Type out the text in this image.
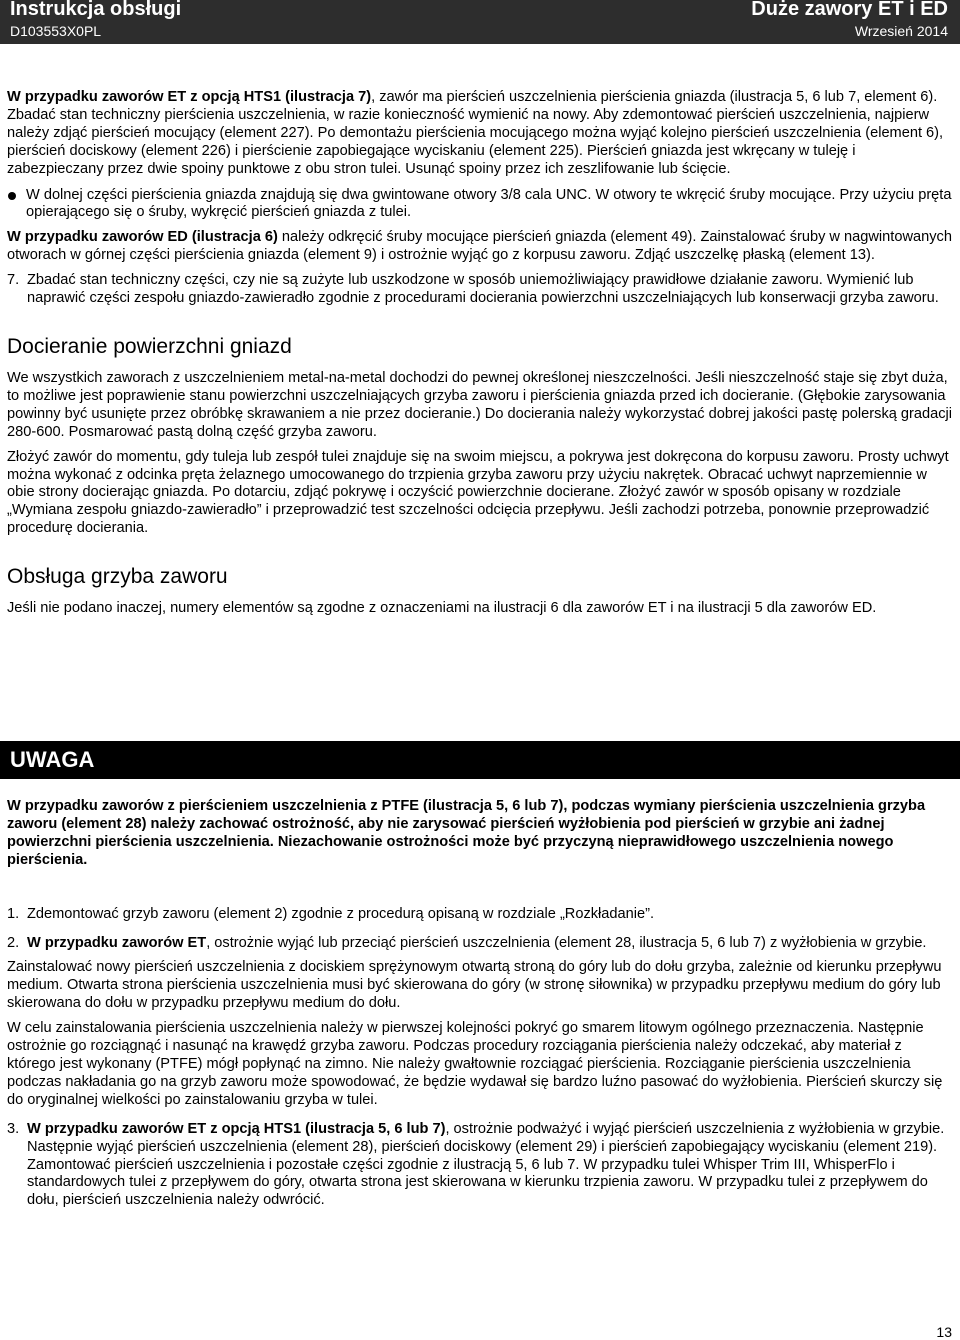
Instrukcja obsługi
D103553X0PL
Duże zawory ET i ED
Wrzesień 2014

W przypadku zaworów ET z opcją HTS1 (ilustracja 7), zawór ma pierścień uszczelnienia pierścienia gniazda (ilustracja 5, 6 lub 7, element 6). Zbadać stan techniczny pierścienia uszczelnienia, w razie konieczność wymienić na nowy. Aby zdemontować pierścień uszczelnienia, najpierw należy zdjąć pierścień mocujący (element 227). Po demontażu pierścienia mocującego można wyjąć kolejno pierścień uszczelnienia (element 6), pierścień dociskowy (element 226) i pierścienie zapobiegające wyciskaniu (element 225). Pierścień gniazda jest wkręcany w tuleję i zabezpieczany przez dwie spoiny punktowe z obu stron tulei. Usunąć spoiny przez ich zeszlifowanie lub ścięcie.

W dolnej części pierścienia gniazda znajdują się dwa gwintowane otwory 3/8 cala UNC. W otwory te wkręcić śruby mocujące. Przy użyciu pręta opierającego się o śruby, wykręcić pierścień gniazda z tulei.

W przypadku zaworów ED (ilustracja 6) należy odkręcić śruby mocujące pierścień gniazda (element 49). Zainstalować śruby w nagwintowanych otworach w górnej części pierścienia gniazda (element 9) i ostrożnie wyjąć go z korpusu zaworu. Zdjąć uszczelkę płaską (element 13).

7. Zbadać stan techniczny części, czy nie są zużyte lub uszkodzone w sposób uniemożliwiający prawidłowe działanie zaworu. Wymienić lub naprawić części zespołu gniazdo-zawieradło zgodnie z procedurami docierania powierzchni uszczelniających lub konserwacji grzyba zaworu.
Docieranie powierzchni gniazd

We wszystkich zaworach z uszczelnieniem metal-na-metal dochodzi do pewnej określonej nieszczelności. Jeśli nieszczelność staje się zbyt duża, to możliwe jest poprawienie stanu powierzchni uszczelniających grzyba zaworu i pierścienia gniazda przed ich docieranie. (Głębokie zarysowania powinny być usunięte przez obróbkę skrawaniem a nie przez docieranie.) Do docierania należy wykorzystać dobrej jakości pastę polerską gradacji 280-600. Posmarować pastą dolną część grzyba zaworu.

Złożyć zawór do momentu, gdy tuleja lub zespół tulei znajduje się na swoim miejscu, a pokrywa jest dokręcona do korpusu zaworu. Prosty uchwyt można wykonać z odcinka pręta żelaznego umocowanego do trzpienia grzyba zaworu przy użyciu nakrętek. Obracać uchwyt naprzemiennie w obie strony docierając gniazda. Po dotarciu, zdjąć pokrywę i oczyścić powierzchnie docierane. Złożyć zawór w sposób opisany w rozdziale „Wymiana zespołu gniazdo-zawieradło” i przeprowadzić test szczelności odcięcia przepływu. Jeśli zachodzi potrzeba, ponownie przeprowadzić procedurę docierania.

Obsługa grzyba zaworu

Jeśli nie podano inaczej, numery elementów są zgodne z oznaczeniami na ilustracji 6 dla zaworów ET i na ilustracji 5 dla zaworów ED.

UWAGA

W przypadku zaworów z pierścieniem uszczelnienia z PTFE (ilustracja 5, 6 lub 7), podczas wymiany pierścienia uszczelnienia grzyba zaworu (element 28) należy zachować ostrożność, aby nie zarysować pierścień wyżłobienia pod pierścień w grzybie ani żadnej powierzchni pierścienia uszczelnienia. Niezachowanie ostrożności może być przyczyną nieprawidłowego uszczelnienia nowego pierścienia.

1. Zdemontować grzyb zaworu (element 2) zgodnie z procedurą opisaną w rozdziale „Rozkładanie”.
2. W przypadku zaworów ET, ostrożnie wyjąć lub przeciąć pierścień uszczelnienia (element 28, ilustracja 5, 6 lub 7) z wyżłobienia w grzybie.

Zainstalować nowy pierścień uszczelnienia z dociskiem sprężynowym otwartą stroną do góry lub do dołu grzyba, zależnie od kierunku przepływu medium. Otwarta strona pierścienia uszczelnienia musi być skierowana do góry (w stronę siłownika) w przypadku przepływu medium do góry lub skierowana do dołu w przypadku przepływu medium do dołu.

W celu zainstalowania pierścienia uszczelnienia należy w pierwszej kolejności pokryć go smarem litowym ogólnego przeznaczenia. Następnie ostrożnie go rozciągnąć i nasunąć na krawędź grzyba zaworu. Podczas procedury rozciągania pierścienia należy odczekać, aby materiał z którego jest wykonany (PTFE) mógł popłynąć na zimno. Nie należy gwałtownie rozciągać pierścienia. Rozciąganie pierścienia uszczelnienia podczas nakładania go na grzyb zaworu może spowodować, że będzie wydawał się bardzo luźno pasować do wyżłobienia. Pierścień skurczy się do oryginalnej wielkości po zainstalowaniu grzyba w tulei.

3. W przypadku zaworów ET z opcją HTS1 (ilustracja 5, 6 lub 7), ostrożnie podważyć i wyjąć pierścień uszczelnienia z wyżłobienia w grzybie. Następnie wyjąć pierścień uszczelnienia (element 28), pierścień dociskowy (element 29) i pierścień zapobiegający wyciskaniu (element 219). Zamontować pierścień uszczelnienia i pozostałe części zgodnie z ilustracją 5, 6 lub 7. W przypadku tulei Whisper Trim III, WhisperFlo i standardowych tulei z przepływem do góry, otwarta strona jest skierowana w kierunku trzpienia zaworu. W przypadku tulei z przepływem do dołu, pierścień uszczelnienia należy odwrócić.
13
